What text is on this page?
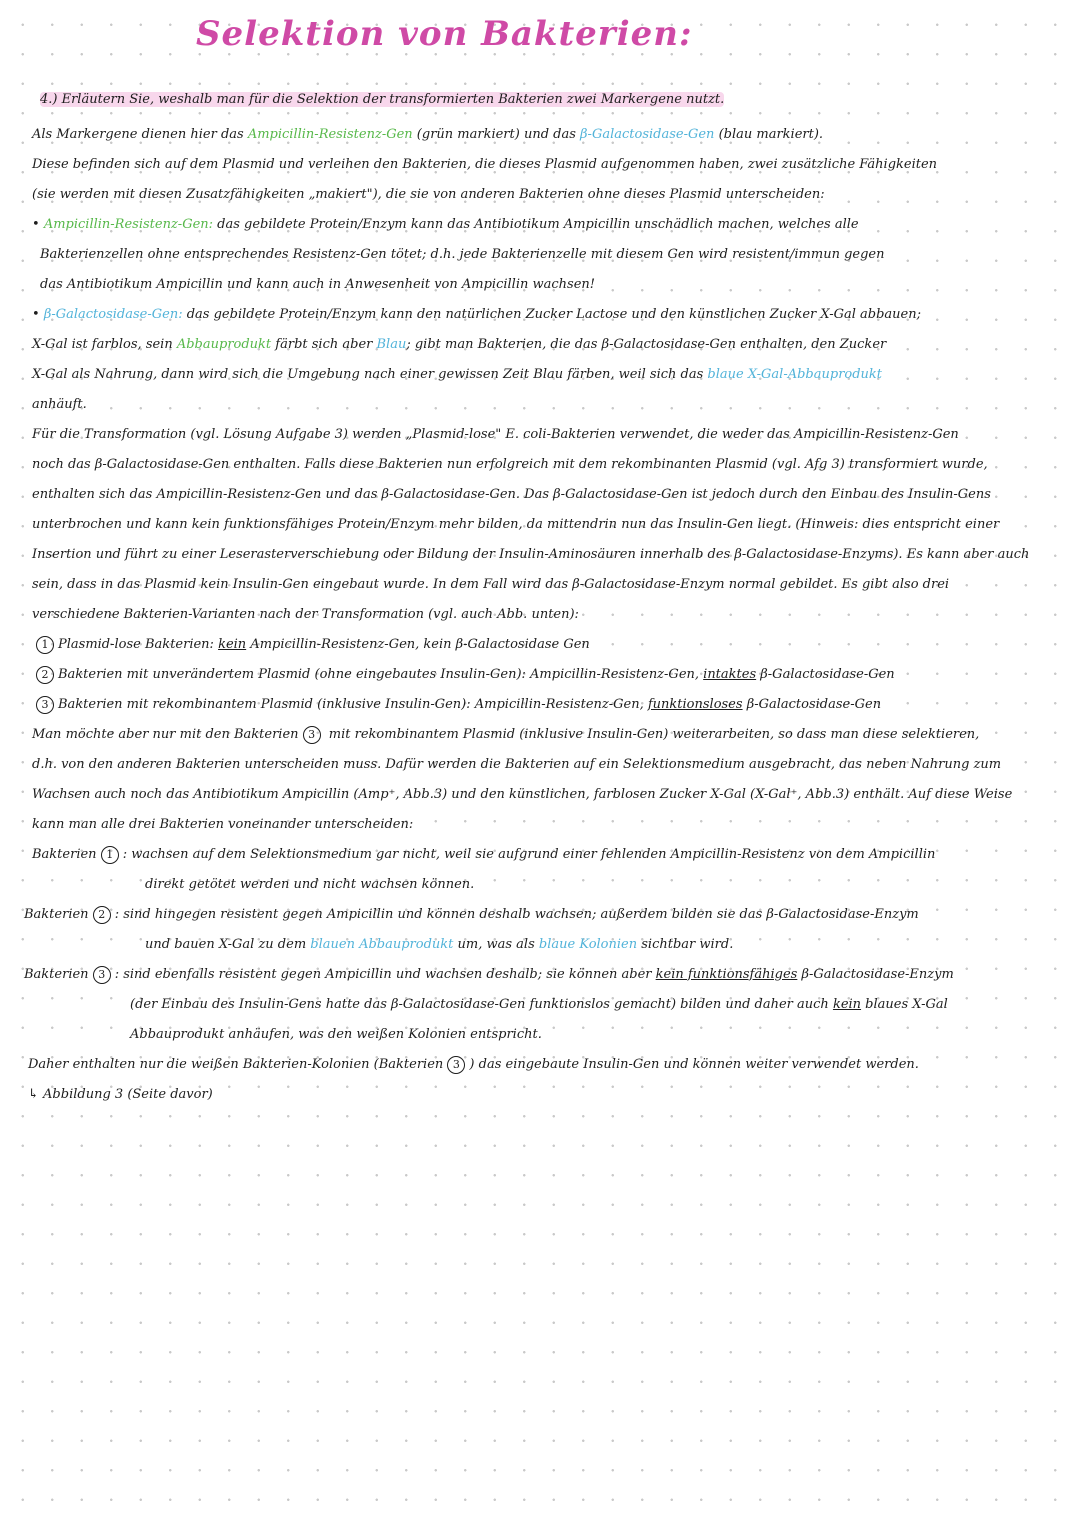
Selektion von Bakterien:
4.) Erläutern Sie, weshalb man für die Selektion der transformierten Bakterien zwei Markergene nutzt.
Als Markergene dienen hier das Ampicillin-Resistenz-Gen (grün markiert) und das β-Galactosidase-Gen (blau markiert).
Diese befinden sich auf dem Plasmid und verleihen den Bakterien, die dieses Plasmid aufgenommen haben, zwei zusätzliche Fähigkeiten
(sie werden mit diesen Zusatzfähigkeiten „makiert"), die sie von anderen Bakterien ohne dieses Plasmid unterscheiden:
• Ampicillin-Resistenz-Gen: das gebildete Protein/Enzym kann das Antibiotikum Ampicillin unschädlich machen, welches alle
Bakterienzellen ohne entsprechendes Resistenz-Gen tötet; d.h. jede Bakterienzelle mit diesem Gen wird resistent/immun gegen
das Antibiotikum Ampicillin und kann auch in Anwesenheit von Ampicillin wachsen!
• β-Galactosidase-Gen: das gebildete Protein/Enzym kann den natürlichen Zucker Lactose und den künstlichen Zucker X-Gal abbauen;
X-Gal ist farblos, sein Abbauprodukt färbt sich aber Blau; gibt man Bakterien, die das β-Galactosidase-Gen enthalten, den Zucker
X-Gal als Nahrung, dann wird sich die Umgebung nach einer gewissen Zeit Blau färben, weil sich das blaue X-Gal-Abbauprodukt
anhäuft.
Für die Transformation (vgl. Lösung Aufgabe 3) werden „Plasmid-lose" E. coli-Bakterien verwendet, die weder das Ampicillin-Resistenz-Gen
noch das β-Galactosidase-Gen enthalten. Falls diese Bakterien nun erfolgreich mit dem rekombinanten Plasmid (vgl. Afg 3) transformiert wurde,
enthalten sich das Ampicillin-Resistenz-Gen und das β-Galactosidase-Gen. Das β-Galactosidase-Gen ist jedoch durch den Einbau des Insulin-Gens
unterbrochen und kann kein funktionsfähiges Protein/Enzym mehr bilden, da mittendrin nun das Insulin-Gen liegt. (Hinweis: dies entspricht einer
Insertion und führt zu einer Leserasterverschiebung oder Bildung der Insulin-Aminosäuren innerhalb des β-Galactosidase-Enzyms). Es kann aber auch
sein, dass in das Plasmid kein Insulin-Gen eingebaut wurde. In dem Fall wird das β-Galactosidase-Enzym normal gebildet. Es gibt also drei
verschiedene Bakterien-Varianten nach der Transformation (vgl. auch Abb. unten):
1 Plasmid-lose Bakterien: kein Ampicillin-Resistenz-Gen, kein β-Galactosidase Gen
2 Bakterien mit unverändertem Plasmid (ohne eingebautes Insulin-Gen): Ampicillin-Resistenz-Gen, intaktes β-Galactosidase-Gen
3 Bakterien mit rekombinantem Plasmid (inklusive Insulin-Gen): Ampicillin-Resistenz-Gen, funktionsloses β-Galactosidase-Gen
Man möchte aber nur mit den Bakterien 3 mit rekombinantem Plasmid (inklusive Insulin-Gen) weiterarbeiten, so dass man diese selektieren,
d.h. von den anderen Bakterien unterscheiden muss. Dafür werden die Bakterien auf ein Selektionsmedium ausgebracht, das neben Nahrung zum
Wachsen auch noch das Antibiotikum Ampicillin (Amp⁺, Abb.3) und den künstlichen, farblosen Zucker X-Gal (X-Gal⁺, Abb.3) enthält. Auf diese Weise
kann man alle drei Bakterien voneinander unterscheiden:
Bakterien 1 : wachsen auf dem Selektionsmedium gar nicht, weil sie aufgrund einer fehlenden Ampicillin-Resistenz von dem Ampicillin
direkt getötet werden und nicht wachsen können.
Bakterien 2 : sind hingegen resistent gegen Ampicillin und können deshalb wachsen; außerdem bilden sie das β-Galactosidase-Enzym
und bauen X-Gal zu dem blauen Abbauprodukt um, was als blaue Kolonien sichtbar wird.
Bakterien 3 : sind ebenfalls resistent gegen Ampicillin und wachsen deshalb; sie können aber kein funktionsfähiges β-Galactosidase-Enzym
(der Einbau des Insulin-Gens hatte das β-Galactosidase-Gen funktionslos gemacht) bilden und daher auch kein blaues X-Gal
Abbauprodukt anhäufen, was den weißen Kolonien entspricht.
Daher enthalten nur die weißen Bakterien-Kolonien (Bakterien 3 ) das eingebaute Insulin-Gen und können weiter verwendet werden.
↳ Abbildung 3 (Seite davor)
